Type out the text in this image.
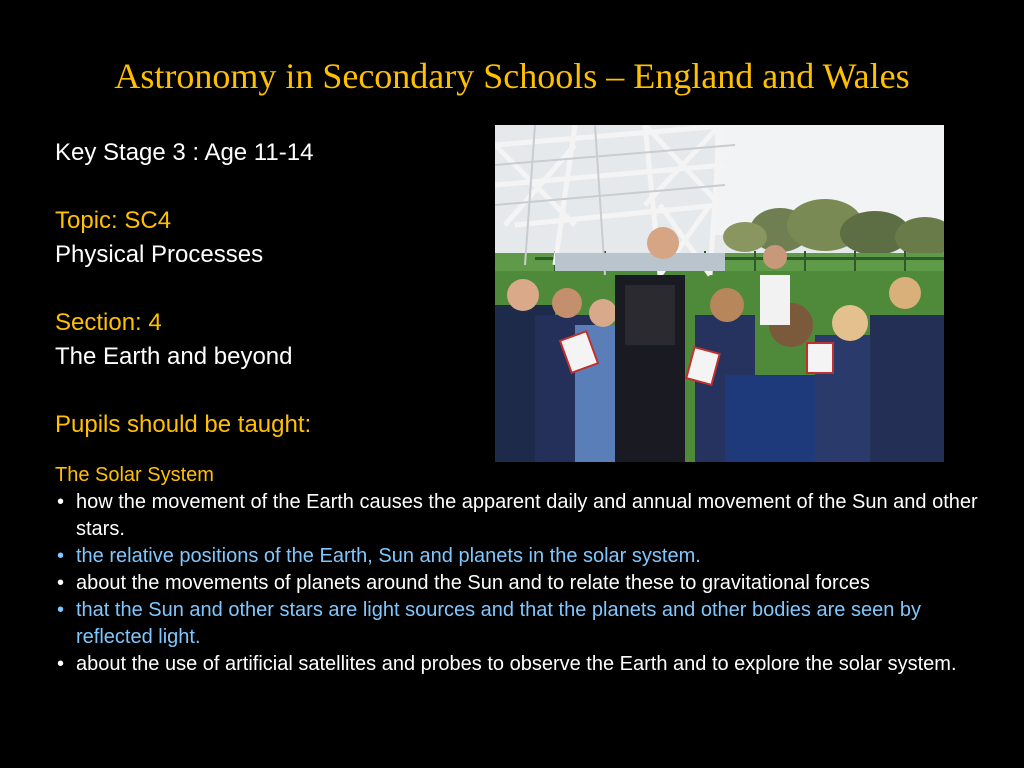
Astronomy in Secondary Schools – England and Wales
Key Stage 3 : Age 11-14
Topic: SC4
Physical Processes
Section: 4
The Earth and beyond
Pupils should be taught:
The Solar System
• how the movement of the Earth causes the apparent daily and annual movement of the Sun and other stars.
• the relative positions of the Earth, Sun and planets in the solar system.
• about the movements of planets around the Sun and to relate these to gravitational forces
• that the Sun and other stars are light sources and that the planets and other bodies are seen by reflected light.
• about the use of artificial satellites and probes to observe the Earth and to explore the solar system.
